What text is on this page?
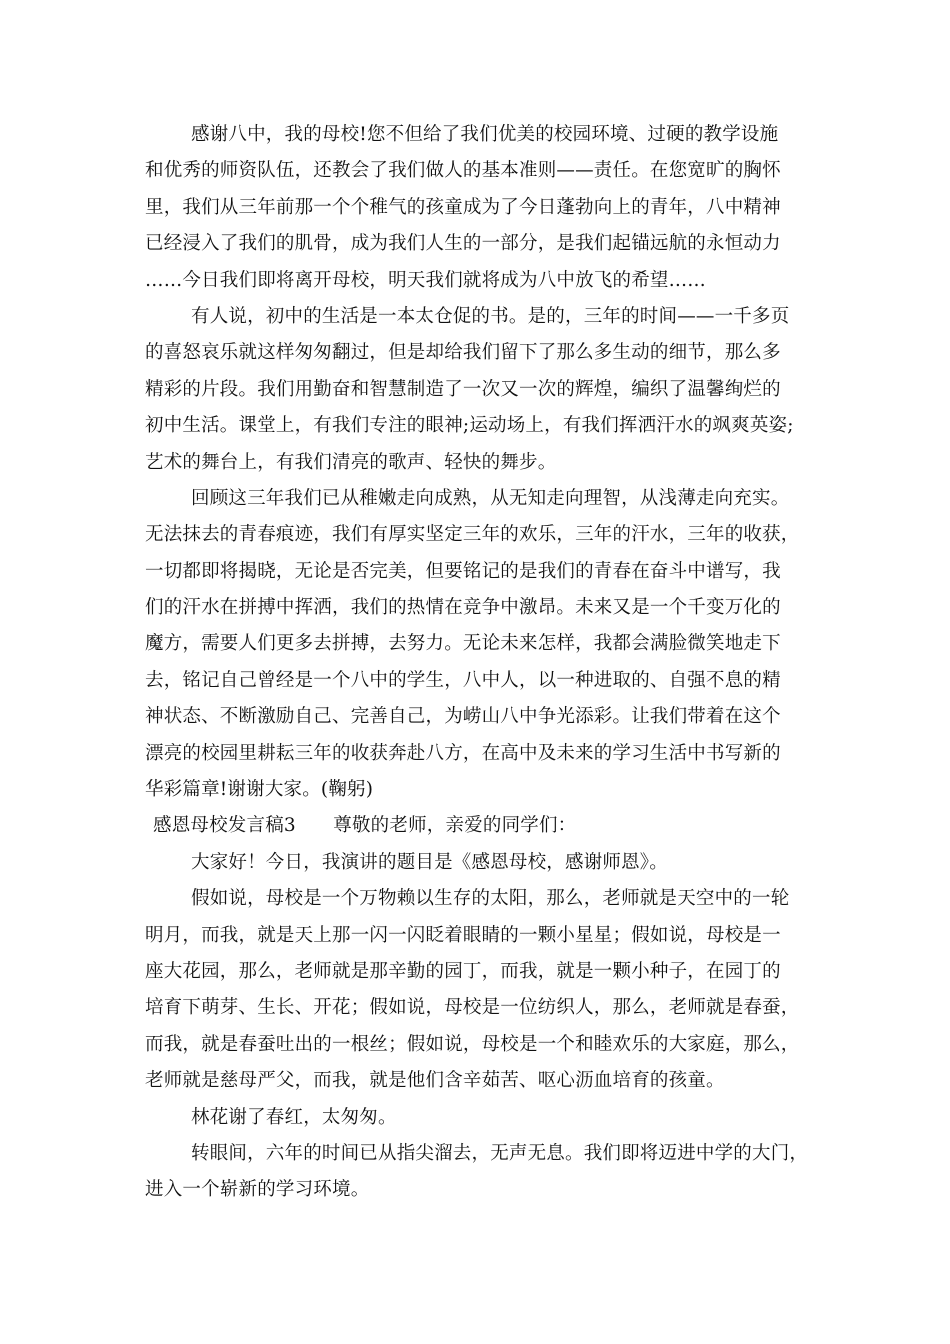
感谢八中，我的母校!您不但给了我们优美的校园环境、过硬的教学设施
和优秀的师资队伍，还教会了我们做人的基本准则——责任。在您宽旷的胸怀
里，我们从三年前那一个个稚气的孩童成为了今日蓬勃向上的青年，八中精神
已经浸入了我们的肌骨，成为我们人生的一部分，是我们起锚远航的永恒动力
……今日我们即将离开母校，明天我们就将成为八中放飞的希望……
有人说，初中的生活是一本太仓促的书。是的，三年的时间——一千多页
的喜怒哀乐就这样匆匆翻过，但是却给我们留下了那么多生动的细节，那么多
精彩的片段。我们用勤奋和智慧制造了一次又一次的辉煌，编织了温馨绚烂的
初中生活。课堂上，有我们专注的眼神;运动场上，有我们挥洒汗水的飒爽英姿;
艺术的舞台上，有我们清亮的歌声、轻快的舞步。
回顾这三年我们已从稚嫩走向成熟，从无知走向理智，从浅薄走向充实。
无法抹去的青春痕迹，我们有厚实坚定三年的欢乐，三年的汗水，三年的收获，
一切都即将揭晓，无论是否完美，但要铭记的是我们的青春在奋斗中谱写，我
们的汗水在拼搏中挥洒，我们的热情在竞争中激昂。未来又是一个千变万化的
魔方，需要人们更多去拼搏，去努力。无论未来怎样，我都会满脸微笑地走下
去，铭记自己曾经是一个八中的学生，八中人，以一种进取的、自强不息的精
神状态、不断激励自己、完善自己，为崂山八中争光添彩。让我们带着在这个
漂亮的校园里耕耘三年的收获奔赴八方，在高中及未来的学习生活中书写新的
华彩篇章!谢谢大家。(鞠躬)
感恩母校发言稿3　　尊敬的老师，亲爱的同学们：
大家好！今日，我演讲的题目是《感恩母校，感谢师恩》。
假如说，母校是一个万物赖以生存的太阳，那么，老师就是天空中的一轮
明月，而我，就是天上那一闪一闪眨着眼睛的一颗小星星；假如说，母校是一
座大花园，那么，老师就是那辛勤的园丁，而我，就是一颗小种子，在园丁的
培育下萌芽、生长、开花；假如说，母校是一位纺织人，那么，老师就是春蚕，
而我，就是春蚕吐出的一根丝；假如说，母校是一个和睦欢乐的大家庭，那么，
老师就是慈母严父，而我，就是他们含辛茹苦、呕心沥血培育的孩童。
林花谢了春红，太匆匆。
转眼间，六年的时间已从指尖溜去，无声无息。我们即将迈进中学的大门，
进入一个崭新的学习环境。
